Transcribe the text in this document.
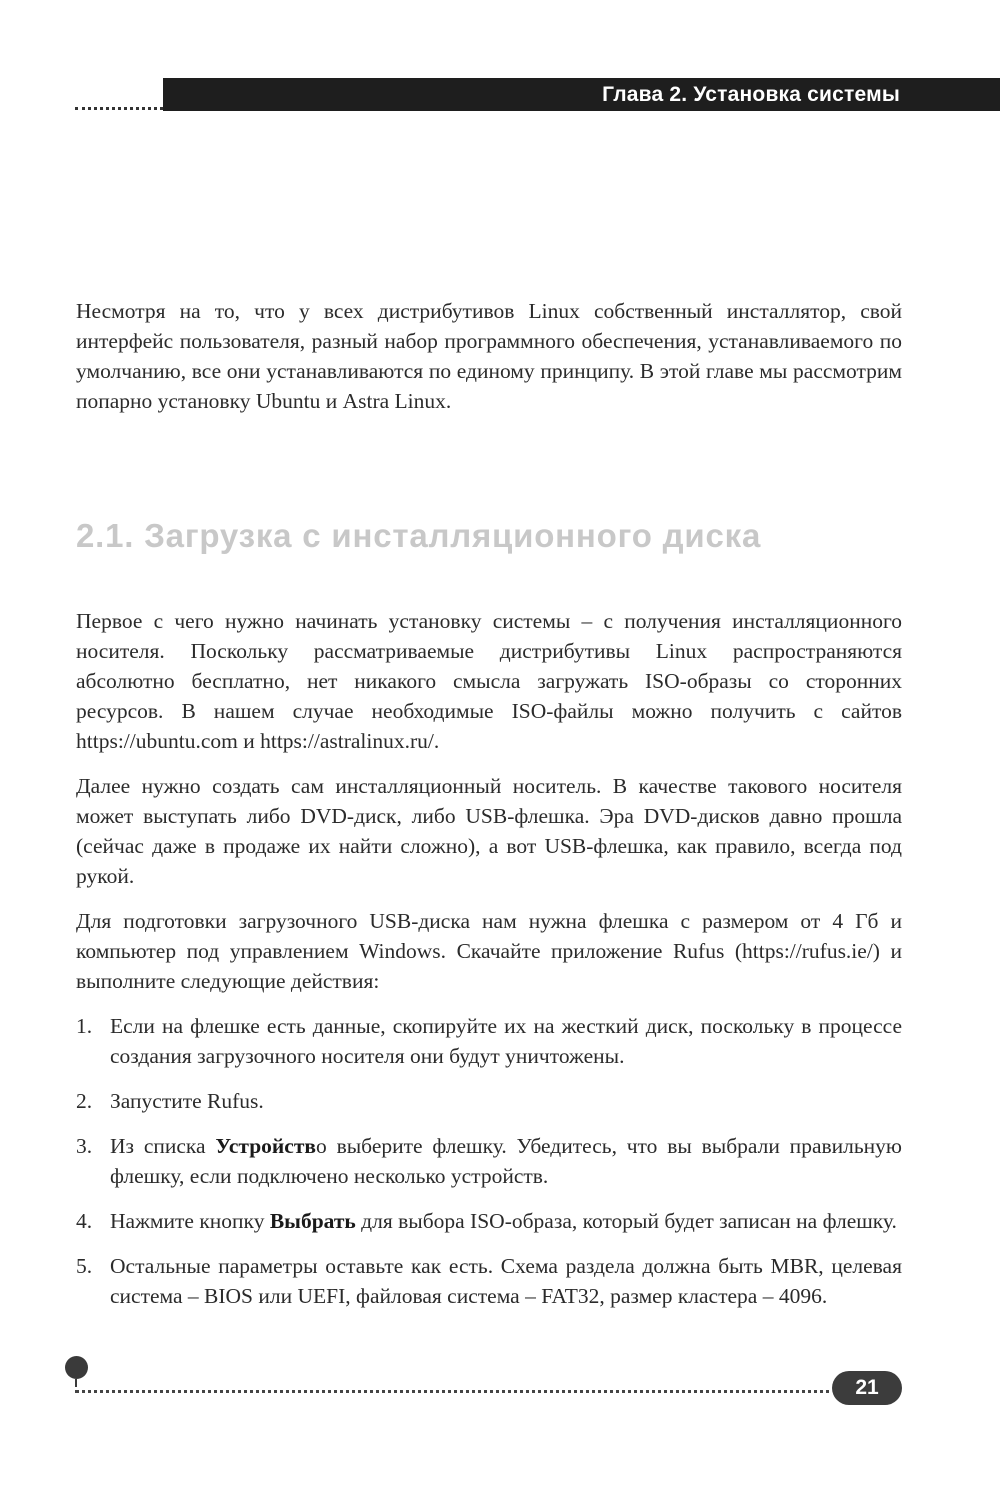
Глава 2. Установка системы

Несмотря на то, что у всех дистрибутивов Linux собственный инсталлятор, свой интерфейс пользователя, разный набор программного обеспечения, устанавливаемого по умолчанию, все они устанавливаются по единому принципу. В этой главе мы рассмотрим попарно установку Ubuntu и Astra Linux.

2.1. Загрузка с инсталляционного диска

Первое с чего нужно начинать установку системы – с получения инсталляционного носителя. Поскольку рассматриваемые дистрибутивы Linux распространяются абсолютно бесплатно, нет никакого смысла загружать ISO-образы со сторонних ресурсов. В нашем случае необходимые ISO-файлы можно получить с сайтов https://ubuntu.com и https://astralinux.ru/.

Далее нужно создать сам инсталляционный носитель. В качестве такового носителя может выступать либо DVD-диск, либо USB-флешка. Эра DVD-дисков давно прошла (сейчас даже в продаже их найти сложно), а вот USB-флешка, как правило, всегда под рукой.

Для подготовки загрузочного USB-диска нам нужна флешка с размером от 4 Гб и компьютер под управлением Windows. Скачайте приложение Rufus (https://rufus.ie/) и выполните следующие действия:

1. Если на флешке есть данные, скопируйте их на жесткий диск, поскольку в процессе создания загрузочного носителя они будут уничтожены.
2. Запустите Rufus.
3. Из списка Устройство выберите флешку. Убедитесь, что вы выбрали правильную флешку, если подключено несколько устройств.
4. Нажмите кнопку Выбрать для выбора ISO-образа, который будет записан на флешку.
5. Остальные параметры оставьте как есть. Схема раздела должна быть MBR, целевая система – BIOS или UEFI, файловая система – FAT32, размер кластера – 4096.
21
